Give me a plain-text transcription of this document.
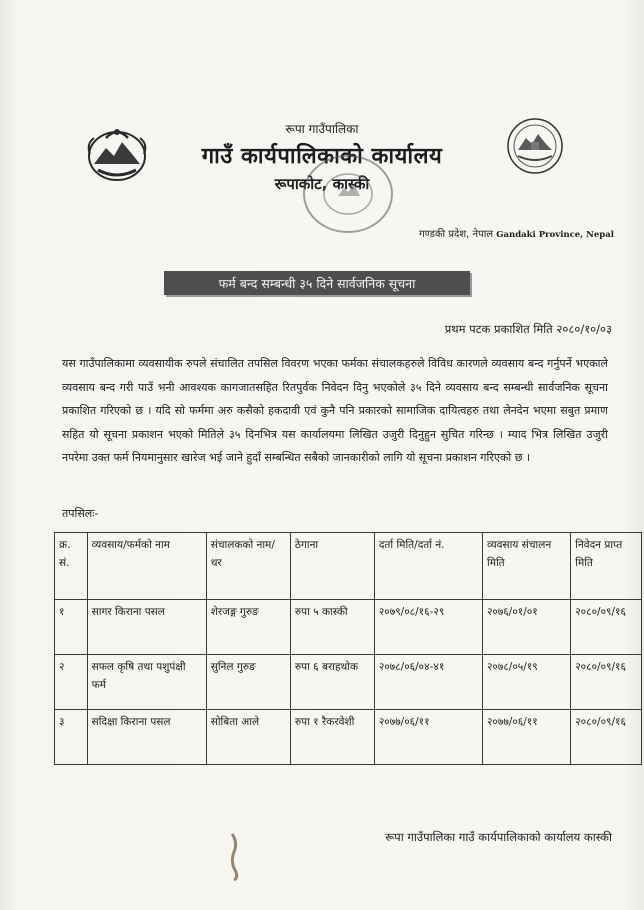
रूपा गाउँपालिका
गाउँ कार्यपालिकाको कार्यालय
रूपाकोट, कास्की
गण्डकी प्रदेश, नेपाल Gandaki Province, Nepal
फर्म बन्द सम्बन्धी ३५ दिने सार्वजनिक सूचना
प्रथम पटक प्रकाशित मिति २०८०/१०/०३
यस गाउँपालिकामा व्यवसायीक रुपले संचालित तपसिल विवरण भएका फर्मका संचालकहरुले विविध कारणले व्यवसाय बन्द गर्नुपर्ने भएकाले व्यवसाय बन्द गरी पाउँ भनी आवश्यक कागजातसहित रितपुर्वक निवेदन दिनु भएकोले ३५ दिने व्यवसाय बन्द सम्बन्धी सार्वजनिक सूचना प्रकाशित गरिएको छ । यदि सो फर्ममा अरु कसैको हकदावी एवं कुनै पनि प्रकारको सामाजिक दायित्वहरु तथा लेनदेन भएमा सबुत प्रमाण सहित यो सूचना प्रकाशन भएको मितिले ३५ दिनभित्र यस कार्यालयमा लिखित उजुरी दिनुहुन सुचित गरिन्छ । म्याद भित्र लिखित उजुरी नपरेमा उक्त फर्म नियमानुसार खारेज भई जाने हुदाँ सम्बन्धित सबैको जानकारीको लागि यो सूचना प्रकाशन गरिएको छ ।
तपसिलः-
क्र. सं.	व्यवसाय/फर्मको नाम	संचालकको नाम/थर	ठेगाना	दर्ता मिति/दर्ता नं.	व्यवसाय संचालन मिति	निवेदन प्राप्त मिति
१	सागर किराना पसल	शेरजङ्ग गुरुङ	रुपा ५ कास्की	२०७९/०८/१६-२९	२०७६/०१/०१	२०८०/०९/१६
२	सफल कृषि तथा पशुपंक्षी फर्म	सुनिल गुरुङ	रुपा ६ बराहथोक	२०७८/०६/०४-४१	२०७८/०५/१९	२०८०/०९/१६
३	सदिक्षा किराना पसल	सोबिता आले	रुपा १ रैकरवेशी	२०७७/०६/११	२०७७/०६/११	२०८०/०९/१६
रूपा गाउँपालिका गाउँ कार्यपालिकाको कार्यालय कास्की
